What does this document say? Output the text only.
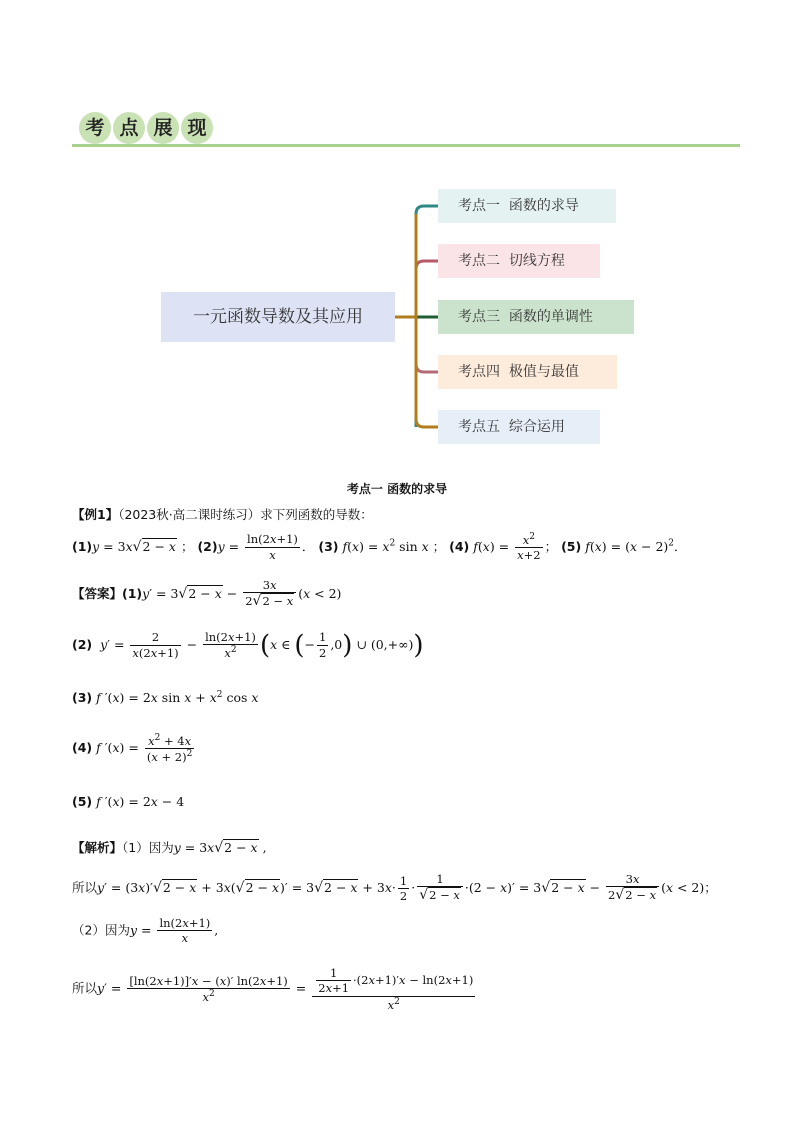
考 点 展 现
一元函数导数及其应用
考点一  函数的求导
考点二  切线方程
考点三  函数的单调性
考点四  极值与最值
考点五  综合运用
考点一 函数的求导
【例1】（2023秋·高二课时练习）求下列函数的导数：
(1)y = 3x√2 − x ； $(2)y = \frac{\ln(2x+1)}{x}$ ． (3) $f(x) = x^2$ sin x ； (4) $f(x) = \frac{x^2}{x+2}$ ； (5) $f(x) = (x - 2)^2$．
【答案】$(1)y' = 3√2 - x - \frac{3x}{2√2 - x} (x < 2)$
(2) $y' = \frac{2}{x(2x+1)} - \frac{\ln(2x+1)}{x^2} (x$ ∈ (− $\frac{1}{2} ,0$) ∪ (0,+∞))
(3) f ′(x) = 2x $\sin x + x^2$ cos x
(4) f $'(x) = \frac{x^2 + 4x}{(x + 2)^2}$
(5) f ′(x) = 2x − 4
【解析】（1）因为y = 3x√2 − x ,
所以$y' = (3x)'√2 - x + 3x(√2 - x)' = 3√2 - x + 3x\cdot \frac{1}{2} \cdot \frac{1}{√2 - x} \cdot(2 - x)' = 3√2 - x - \frac{3x}{2√2 - x} (x < 2)$；
（2）因为$y = \frac{\ln(2x+1)}{x}$ ,
所以$y' = \frac{[\ln(2x+1)]'x - (x)' \ln(2x+1)}{x^2} = \frac{\frac{1}{2x+1} \cdot(2x+1)'x - \ln(2x+1)}{x^2}$
